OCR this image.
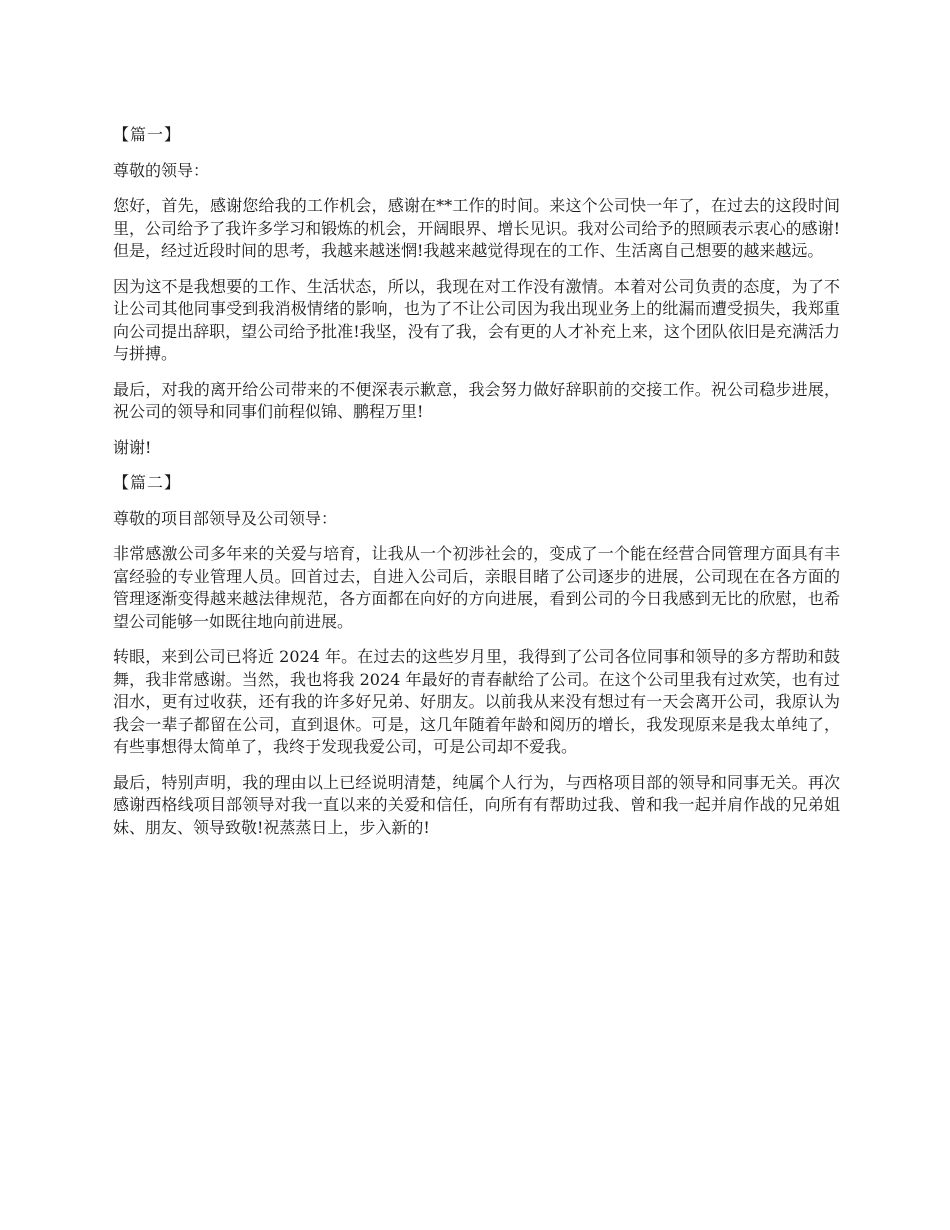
【篇一】
尊敬的领导：

您好，首先，感谢您给我的工作机会，感谢在**工作的时间。来这个公司快一年了，在过去的这段时间里，公司给予了我许多学习和锻炼的机会，开阔眼界、增长见识。我对公司给予的照顾表示衷心的感谢!但是，经过近段时间的思考，我越来越迷惘!我越来越觉得现在的工作、生活离自己想要的越来越远。

因为这不是我想要的工作、生活状态，所以，我现在对工作没有激情。本着对公司负责的态度，为了不让公司其他同事受到我消极情绪的影响，也为了不让公司因为我出现业务上的纰漏而遭受损失，我郑重向公司提出辞职，望公司给予批准!我坚，没有了我，会有更的人才补充上来，这个团队依旧是充满活力与拼搏。

最后，对我的离开给公司带来的不便深表示歉意，我会努力做好辞职前的交接工作。祝公司稳步进展，祝公司的领导和同事们前程似锦、鹏程万里!

谢谢!

【篇二】
尊敬的项目部领导及公司领导：

非常感激公司多年来的关爱与培育，让我从一个初涉社会的，变成了一个能在经营合同管理方面具有丰富经验的专业管理人员。回首过去，自进入公司后，亲眼目睹了公司逐步的进展，公司现在在各方面的管理逐渐变得越来越法律规范，各方面都在向好的方向进展，看到公司的今日我感到无比的欣慰，也希望公司能够一如既往地向前进展。

转眼，来到公司已将近 2024 年。在过去的这些岁月里，我得到了公司各位同事和领导的多方帮助和鼓舞，我非常感谢。当然，我也将我 2024 年最好的青春献给了公司。在这个公司里我有过欢笑，也有过泪水，更有过收获，还有我的许多好兄弟、好朋友。以前我从来没有想过有一天会离开公司，我原认为我会一辈子都留在公司，直到退休。可是，这几年随着年龄和阅历的增长，我发现原来是我太单纯了，有些事想得太简单了，我终于发现我爱公司，可是公司却不爱我。

最后，特别声明，我的理由以上已经说明清楚，纯属个人行为，与西格项目部的领导和同事无关。再次感谢西格线项目部领导对我一直以来的关爱和信任，向所有有帮助过我、曾和我一起并肩作战的兄弟姐妹、朋友、领导致敬!祝蒸蒸日上，步入新的!
